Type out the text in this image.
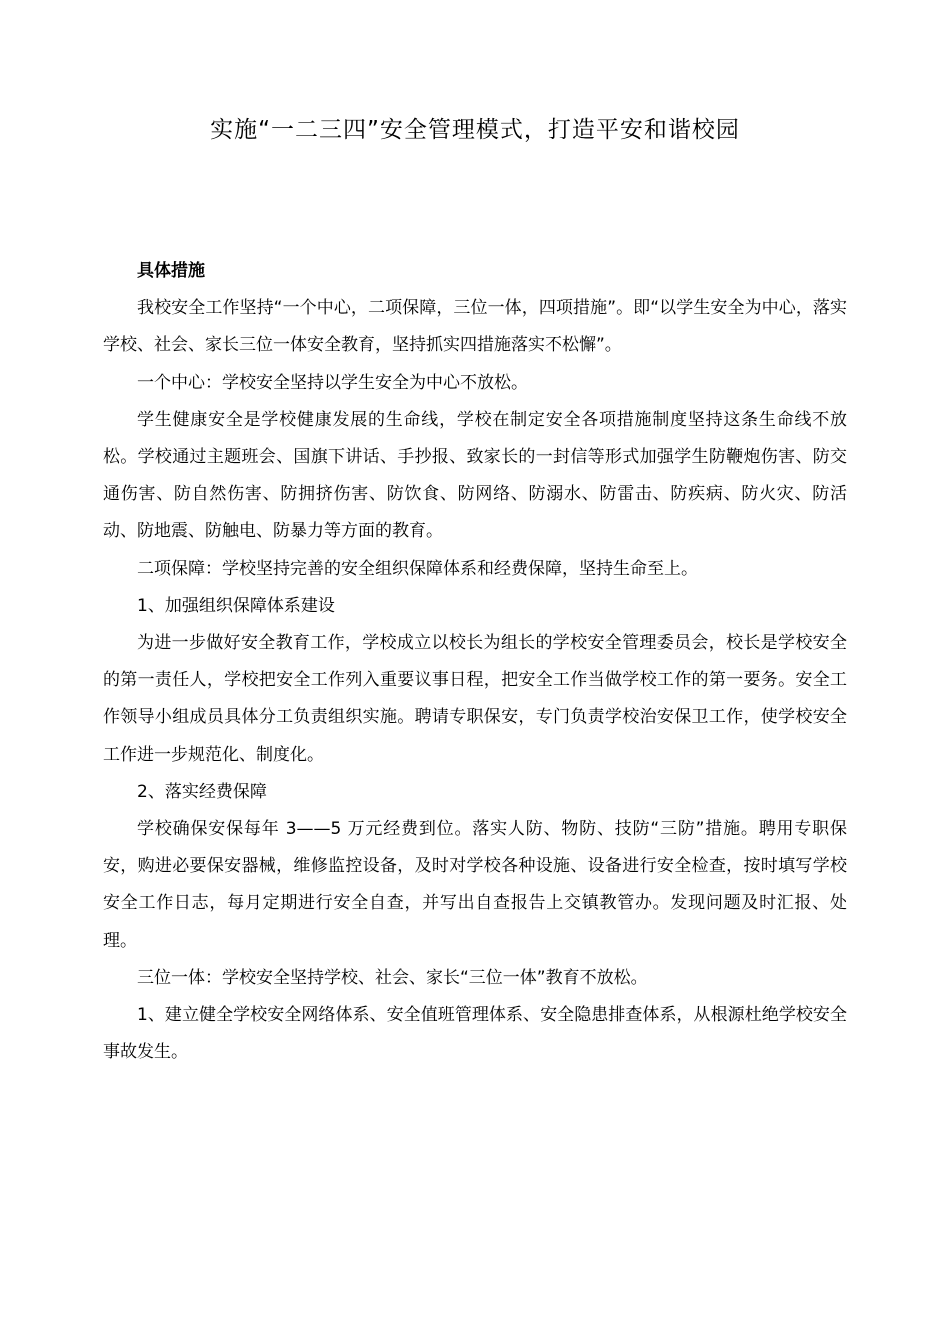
实施“一二三四”安全管理模式，打造平安和谐校园

具体措施

我校安全工作坚持“一个中心，二项保障，三位一体，四项措施”。即“以学生安全为中心，落实学校、社会、家长三位一体安全教育，坚持抓实四措施落实不松懈”。

一个中心：学校安全坚持以学生安全为中心不放松。

学生健康安全是学校健康发展的生命线，学校在制定安全各项措施制度坚持这条生命线不放松。学校通过主题班会、国旗下讲话、手抄报、致家长的一封信等形式加强学生防鞭炮伤害、防交通伤害、防自然伤害、防拥挤伤害、防饮食、防网络、防溺水、防雷击、防疾病、防火灾、防活动、防地震、防触电、防暴力等方面的教育。

二项保障：学校坚持完善的安全组织保障体系和经费保障，坚持生命至上。

1、加强组织保障体系建设

为进一步做好安全教育工作，学校成立以校长为组长的学校安全管理委员会，校长是学校安全的第一责任人，学校把安全工作列入重要议事日程，把安全工作当做学校工作的第一要务。安全工作领导小组成员具体分工负责组织实施。聘请专职保安，专门负责学校治安保卫工作，使学校安全工作进一步规范化、制度化。

2、落实经费保障

学校确保安保每年 3——5 万元经费到位。落实人防、物防、技防“三防”措施。聘用专职保安，购进必要保安器械，维修监控设备，及时对学校各种设施、设备进行安全检查，按时填写学校安全工作日志，每月定期进行安全自查，并写出自查报告上交镇教管办。发现问题及时汇报、处理。

三位一体：学校安全坚持学校、社会、家长“三位一体”教育不放松。

1、建立健全学校安全网络体系、安全值班管理体系、安全隐患排查体系，从根源杜绝学校安全事故发生。
